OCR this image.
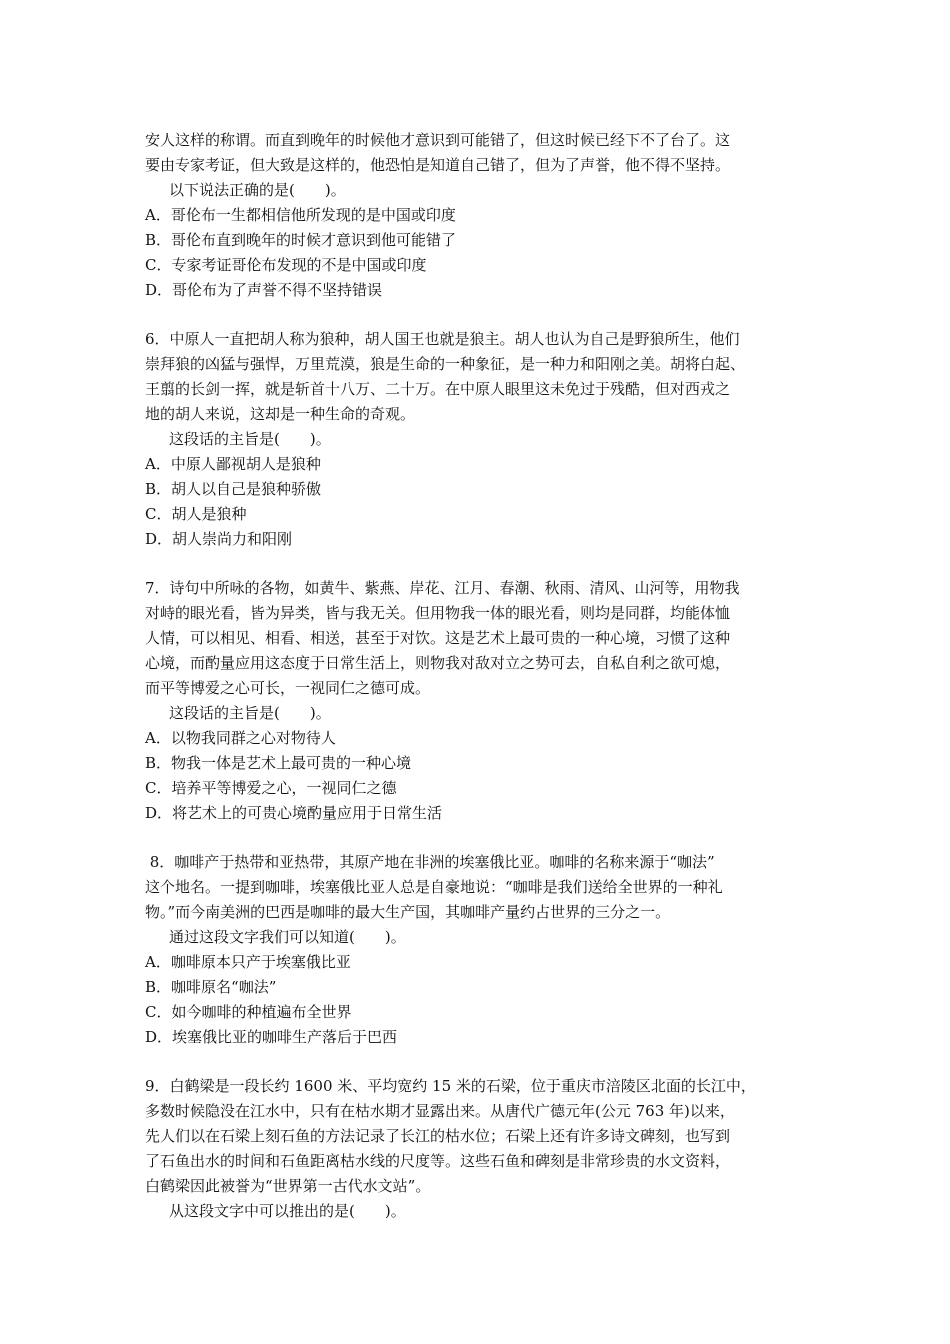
安人这样的称谓。而直到晚年的时候他才意识到可能错了，但这时候已经下不了台了。这
要由专家考证，但大致是这样的，他恐怕是知道自己错了，但为了声誉，他不得不坚持。
以下说法正确的是(　　)。
A．哥伦布一生都相信他所发现的是中国或印度
B．哥伦布直到晚年的时候才意识到他可能错了
C．专家考证哥伦布发现的不是中国或印度
D．哥伦布为了声誉不得不坚持错误
6．中原人一直把胡人称为狼种，胡人国王也就是狼主。胡人也认为自己是野狼所生，他们
崇拜狼的凶猛与强悍，万里荒漠，狼是生命的一种象征，是一种力和阳刚之美。胡将白起、
王翦的长剑一挥，就是斩首十八万、二十万。在中原人眼里这未免过于残酷，但对西戎之
地的胡人来说，这却是一种生命的奇观。
这段话的主旨是(　　)。
A．中原人鄙视胡人是狼种
B．胡人以自己是狼种骄傲
C．胡人是狼种
D．胡人崇尚力和阳刚
7．诗句中所咏的各物，如黄牛、紫燕、岸花、江月、春潮、秋雨、清风、山河等，用物我
对峙的眼光看，皆为异类，皆与我无关。但用物我一体的眼光看，则均是同群，均能体恤
人情，可以相见、相看、相送，甚至于对饮。这是艺术上最可贵的一种心境，习惯了这种
心境，而酌量应用这态度于日常生活上，则物我对敌对立之势可去，自私自利之欲可熄，
而平等博爱之心可长，一视同仁之德可成。
这段话的主旨是(　　)。
A．以物我同群之心对物待人
B．物我一体是艺术上最可贵的一种心境
C．培养平等博爱之心，一视同仁之德
D．将艺术上的可贵心境酌量应用于日常生活
8．咖啡产于热带和亚热带，其原产地在非洲的埃塞俄比亚。咖啡的名称来源于“咖法”
这个地名。一提到咖啡，埃塞俄比亚人总是自豪地说：“咖啡是我们送给全世界的一种礼
物。”而今南美洲的巴西是咖啡的最大生产国，其咖啡产量约占世界的三分之一。
通过这段文字我们可以知道(　　)。
A．咖啡原本只产于埃塞俄比亚
B．咖啡原名“咖法”
C．如今咖啡的种植遍布全世界
D．埃塞俄比亚的咖啡生产落后于巴西
9．白鹤梁是一段长约 1600 米、平均宽约 15 米的石梁，位于重庆市涪陵区北面的长江中，
多数时候隐没在江水中，只有在枯水期才显露出来。从唐代广德元年(公元 763 年)以来，
先人们以在石梁上刻石鱼的方法记录了长江的枯水位；石梁上还有许多诗文碑刻，也写到
了石鱼出水的时间和石鱼距离枯水线的尺度等。这些石鱼和碑刻是非常珍贵的水文资料，
白鹤梁因此被誉为“世界第一古代水文站”。
从这段文字中可以推出的是(　　)。
